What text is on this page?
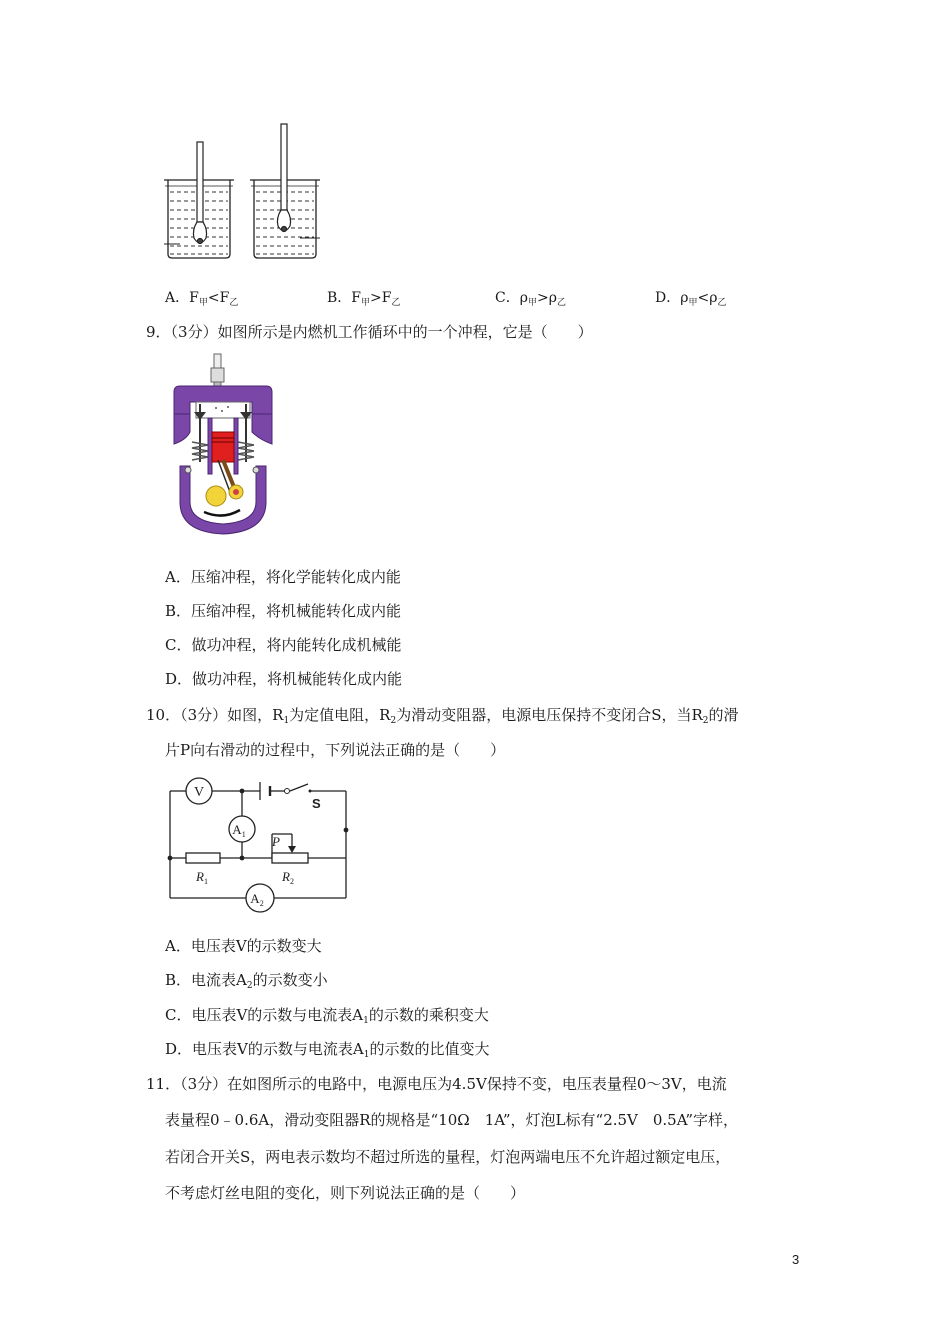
A．$F_甲<F_乙$	B．$F_甲>F_乙$	C．$\rho_甲>\rho_乙$	D．$\rho_甲<\rho_乙$
9．（3分）如图所示是内燃机工作循环中的一个冲程，它是（　　）
A．压缩冲程，将化学能转化成内能
B．压缩冲程，将机械能转化成内能
C．做功冲程，将内能转化成机械能
D．做功冲程，将机械能转化成内能
10．（3分）如图，$R_1$为定值电阻，$R_2$为滑动变阻器，电源电压保持不变闭合S，当$R_2$的滑
片P向右滑动的过程中，下列说法正确的是（　　）
V
$A_1$
$A_2$
S
P
$R_1$	$R_2$
A．电压表V的示数变大
B．电流表$A_2$的示数变小
C．电压表V的示数与电流表$A_1$的示数的乘积变大
D．电压表V的示数与电流表$A_1$的示数的比值变大
11．（3分）在如图所示的电路中，电源电压为4.5V保持不变，电压表量程0～3V，电流
表量程0﹣0.6A，滑动变阻器R的规格是“10Ω　1A”，灯泡L标有“2.5V　0.5A”字样，
若闭合开关S，两电表示数均不超过所选的量程，灯泡两端电压不允许超过额定电压，
不考虑灯丝电阻的变化，则下列说法正确的是（　　）
3
